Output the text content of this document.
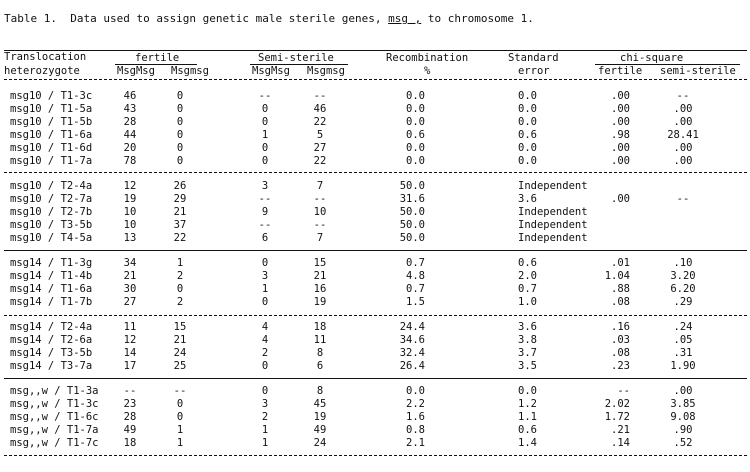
Table 1.  Data used to assign genetic male sterile genes, msg , to chromosome 1.
Translocation
heterozygote
fertile	Semi-sterile
MsgMsg Msgmsg	MsgMsg Msgmsg
Recombination
%
Standard
error
chi-square
fertile semi-sterile
msg10 / T1-3c	46	0	--	--	0.0	0.0	.00	--
msg10 / T1-5a	43	0	0	46	0.0	0.0	.00	.00
msg10 / T1-5b	28	0	0	22	0.0	0.0	.00	.00
msg10 / T1-6a	44	0	1	5	0.6	0.6	.98	28.41
msg10 / T1-6d	20	0	0	27	0.0	0.0	.00	.00
msg10 / T1-7a	78	0	0	22	0.0	0.0	.00	.00
msg10 / T2-4a	12	26	3	7	50.0	Independent
msg10 / T2-7a	19	29	--	--	31.6	3.6	.00	--
msg10 / T2-7b	10	21	9	10	50.0	Independent
msg10 / T3-5b	10	37	--	--	50.0	Independent
msg10 / T4-5a	13	22	6	7	50.0	Independent
msg14 / T1-3g	34	1	0	15	0.7	0.6	.01	.10
msg14 / T1-4b	21	2	3	21	4.8	2.0	1.04	3.20
msg14 / T1-6a	30	0	1	16	0.7	0.7	.88	6.20
msg14 / T1-7b	27	2	0	19	1.5	1.0	.08	.29
msg14 / T2-4a	11	15	4	18	24.4	3.6	.16	.24
msg14 / T2-6a	12	21	4	11	34.6	3.8	.03	.05
msg14 / T3-5b	14	24	2	8	32.4	3.7	.08	.31
msg14 / T3-7a	17	25	0	6	26.4	3.5	.23	1.90
msg,,w / T1-3a	--	--	0	8	0.0	0.0	--	.00
msg,,w / T1-3c	23	0	3	45	2.2	1.2	2.02	3.85
msg,,w / T1-6c	28	0	2	19	1.6	1.1	1.72	9.08
msg,,w / T1-7a	49	1	1	49	0.8	0.6	.21	.90
msg,,w / T1-7c	18	1	1	24	2.1	1.4	.14	.52
